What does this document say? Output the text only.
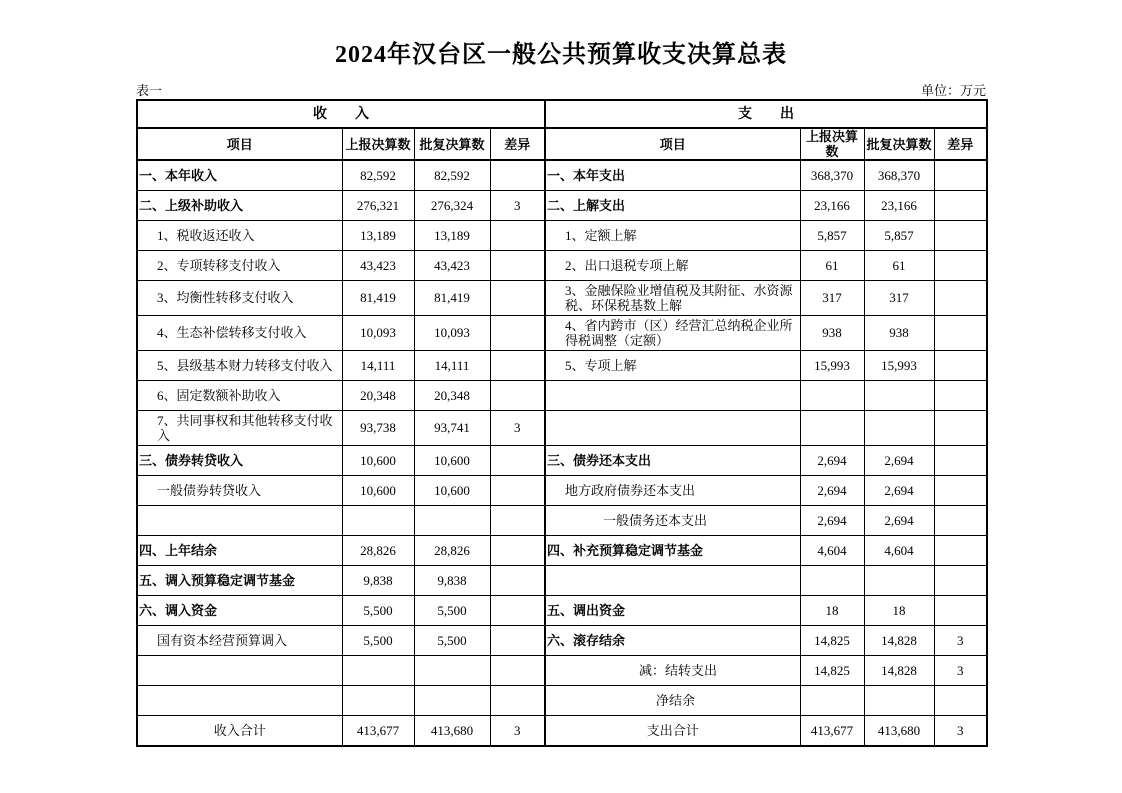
2024年汉台区一般公共预算收支决算总表
表一	单位：万元
收　　入				支　　出			
项目	上报决算数	批复决算数	差异	项目	上报决算数	批复决算数	差异
一、本年收入	82,592	82,592		一、本年支出	368,370	368,370	
二、上级补助收入	276,321	276,324	3	二、上解支出	23,166	23,166	
1、税收返还收入	13,189	13,189		1、定额上解	5,857	5,857	
2、专项转移支付收入	43,423	43,423		2、出口退税专项上解	61	61	
3、均衡性转移支付收入	81,419	81,419		3、金融保险业增值税及其附征、水资源税、环保税基数上解	317	317	
4、生态补偿转移支付收入	10,093	10,093		4、省内跨市（区）经营汇总纳税企业所得税调整（定额）	938	938	
5、县级基本财力转移支付收入	14,111	14,111		5、专项上解	15,993	15,993	
6、固定数额补助收入	20,348	20,348					
7、共同事权和其他转移支付收入	93,738	93,741	3				
三、债券转贷收入	10,600	10,600		三、债券还本支出	2,694	2,694	
一般债券转贷收入	10,600	10,600		地方政府债券还本支出	2,694	2,694	
				一般债务还本支出	2,694	2,694	
四、上年结余	28,826	28,826		四、补充预算稳定调节基金	4,604	4,604	
五、调入预算稳定调节基金	9,838	9,838					
六、调入资金	5,500	5,500		五、调出资金	18	18	
国有资本经营预算调入	5,500	5,500		六、滚存结余	14,825	14,828	3
				减：结转支出	14,825	14,828	3
				净结余			
收入合计	413,677	413,680	3	支出合计	413,677	413,680	3
